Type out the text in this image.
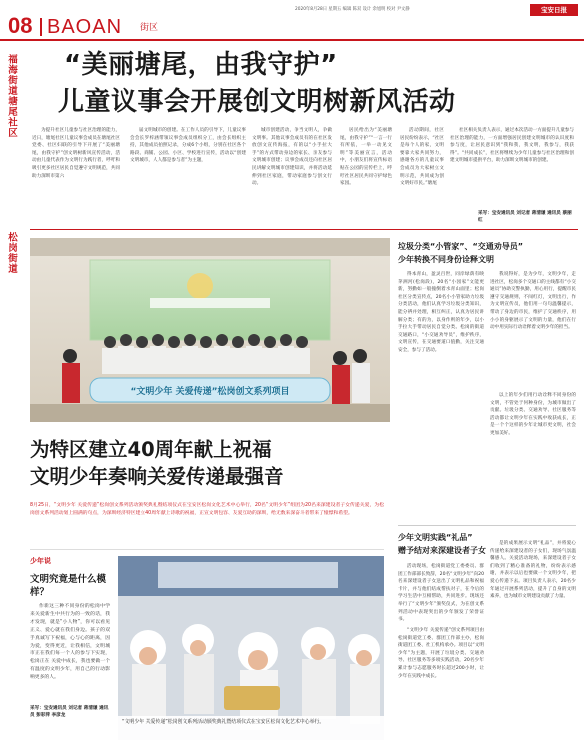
08 BAOAN 街区
2020年8月28日 星期五 编辑 陈双 设计 余旭明 校对 尹文静	宝安日报
福海街道塘尾社区
松岗街道
“美丽塘尾，由我守护”
儿童议事会开展创文明树新风活动

为提升社区儿童参与社区治理的能力，近日，塘尾社区儿童议事会成员在塘尾社区党委、社区妇联的引导下开展了“美丽塘尾，由我守护”创文明树新风宣传活动，活动由儿童代表作为文明行为践行者，呼吁和吸引更多社区居民自觉遵守文明规范，共同助力深圳市第六

届文明城市的创建。在工作人员的引导下，儿童议事会会长罗梓涵带领议事会成员组织分工，由会长组织主持，其他成员拍照记录，分成6个小组，分别在社区各个路段、商铺、公园、小区、学校进行宣传，活动以“创建文明城市，人人都是参与者”为主题，

城市创建活动，争当文明人，争做文明事。其他议事会成员有的在社区发放创文宣传海报，有的以“小手拉大手”的方式带动身边的家长、亲友参与文明城市创建；议事会成员还向社区居民讲解文明城市创建知识，并将活动延伸到社区家庭，带动家庭参与创文行动。

居民给出为“美丽塘尾，由我守护”“一言一行有所依，一举一动见文明”等美丽宣言，活动中，小朋友们将宣传标语贴在公园的宣传栏上，呼吁社区居民共同守护绿色家园。

活动期间，社区居民纷纷表示，“社区是每个人的家，文明要靠大家共同努力，感谢各方的儿童议事会成员为大家树立文明示范，共同成为创文明好市民。”塘尾

社区相关负责人表示，通过本次活动一方面提升儿童参与社区治理的能力，一方面增强居民创建文明城市的认识度和参与度，让居民意识到“我和我，我文明，我参与，我获得”。“共同成长”，社区将继续为少年儿童参与社区治理和创建文明城市提供平台，助力深圳文明城市的创建。

采写：宝安通讯员 刘记者 蒋清谦 通讯员 蔡丽红
“文明少年 关爱传递”松岗创文系列项目
为特区建立40周年献上祝福
文明少年奏响关爱传递最强音

8月25日，“文明少年 关爱传递”松岗创文系列活动颁奖典礼暨结项仪式在宝安区松岗文化艺术中心举行，20名“文明少年”组团为20名来深建设者子女传递关爱，为松岗创文系列活动划上圆满的句点，为深圳经济特区建立40周年献上诗歌的祝福，正宣文明包容、友爱互助的深圳，给无数来深奋斗者带来了憧憬和希望。

少年说
文明究竟是什么模样？

作新这三种不同身份的松岗中学来关爱新生中共行为的一致的话，我才发现，就是“小人物”，你可以看见 正义、爱心就在我们身边。孩子的双手真诚写下祝福，心与心的距离，因为爱，变得更近，让我相信，文明城市正在我们每一个人的参与下实现，松岗正在 关爱中成长，我也要做一个有温度的文明少年，用自己的行动影响更多的人。

采写：宝安通讯员 刘记者 蒋清谦 通讯员 彭彩萍 李彦龙
“文明少年 关爱传递”松岗创文系列活动颁奖典礼暨结项仪式在宝安区松岗文化艺术中心举行。
垃圾分类“小管家”、“交通劝导员”
少年转换不同身份诠释文明

得本青山，盈灵百世，同岸绿荫有映茅洲河(松岗段)，20名“小园家”文能更新，努勤如一般撞倒着水青山面里；松岗社区分类宣传点，20名小小管家助力垃圾分类活动，他们认真学习垃圾分类知识，能分辨并处理，相互纠正，认真为居民讲解分类；有的为，以身作则的年少，以小手拉大手带动居民自觉分类。松岗的街道交通路口，“小交通劝导员”，维护秩序，文明宣传，在交通要道口值勤，关注交通安全，参与了活动。

我说得好，是为少年，文明少年，走进社区，松岗多个交通口的主线都有“小交通员”协助交警执勤，用心用行，提醒市民遵守交通规则，不闯红灯，文明出行，作为文明宣传员，他们用一句句温馨提示，带动了身边的市民，维护了交通秩序，用小小的身躯展示了文明的力量，他们在行动中用实际行动诠释着文明少年的担当。

以上的年少们用行动诠释不同身份的文明，不管处于何种身份，为城市做出了贡献。垃圾分类、交通劝导、社区服务等活动都让文明少年在实践中收获成长，正是一个个这样的少年让城市更文明，社会更加美好。

少年文明实践“礼品”
赠予结对来深建设者子女

活动现场，松岗街道党工委委员、群团工作部部长致辞，20名“文明少年”向20名来深建设者子女送出了文明礼品和祝福卡片，并与他们结成帮扶对子，在今后的学习生活中互相帮助，共同进步。现场还举行了“文明少年”颁奖仪式，为在创文系列活动中表现突出的少年颁发了荣誉证书。

“文明少年 关爱传递”创文系列项目由松岗街道党工委、群团工作部主办，松岗街道团工委、社工机构承办。项目以“文明少年”为主题，开展了垃圾分类、交通劝导、社区服务等多项实践活动，20名少年累计参与志愿服务时长超过200小时，让少年在实践中成长。

是的成果展示文明“礼品”，并将爱心传递给来深建设者的子女们，现场气氛温馨感人。关爱活动现场，来深建设者子女们收到了精心准备的礼物，纷纷表示感谢，并表示以后也要做一个文明少年，把爱心传递下去。项目负责人表示，20名少年通过开展系列活动，提升了自身的文明素养，也为城市文明建设贡献了力量。
